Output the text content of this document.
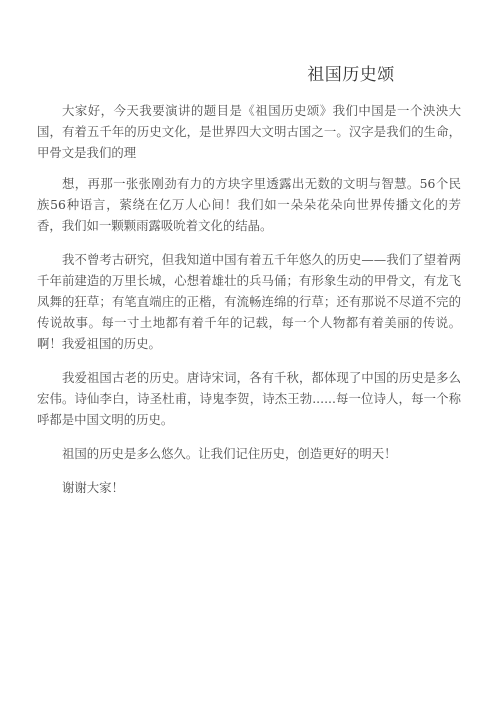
祖国历史颂

大家好，今天我要演讲的题目是《祖国历史颂》我们中国是一个泱泱大国，有着五千年的历史文化，是世界四大文明古国之一。汉字是我们的生命，甲骨文是我们的理

想，再那一张张刚劲有力的方块字里透露出无数的文明与智慧。56个民族56种语言，萦绕在亿万人心间！我们如一朵朵花朵向世界传播文化的芳香，我们如一颗颗雨露吸吮着文化的结晶。

我不曾考古研究，但我知道中国有着五千年悠久的历史——我们了望着两千年前建造的万里长城，心想着雄壮的兵马俑；有形象生动的甲骨文，有龙飞凤舞的狂草；有笔直端庄的正楷，有流畅连绵的行草；还有那说不尽道不完的传说故事。每一寸土地都有着千年的记载，每一个人物都有着美丽的传说。啊！我爱祖国的历史。

我爱祖国古老的历史。唐诗宋词，各有千秋，都体现了中国的历史是多么宏伟。诗仙李白，诗圣杜甫，诗鬼李贺，诗杰王勃......每一位诗人，每一个称呼都是中国文明的历史。

祖国的历史是多么悠久。让我们记住历史，创造更好的明天！

谢谢大家！
